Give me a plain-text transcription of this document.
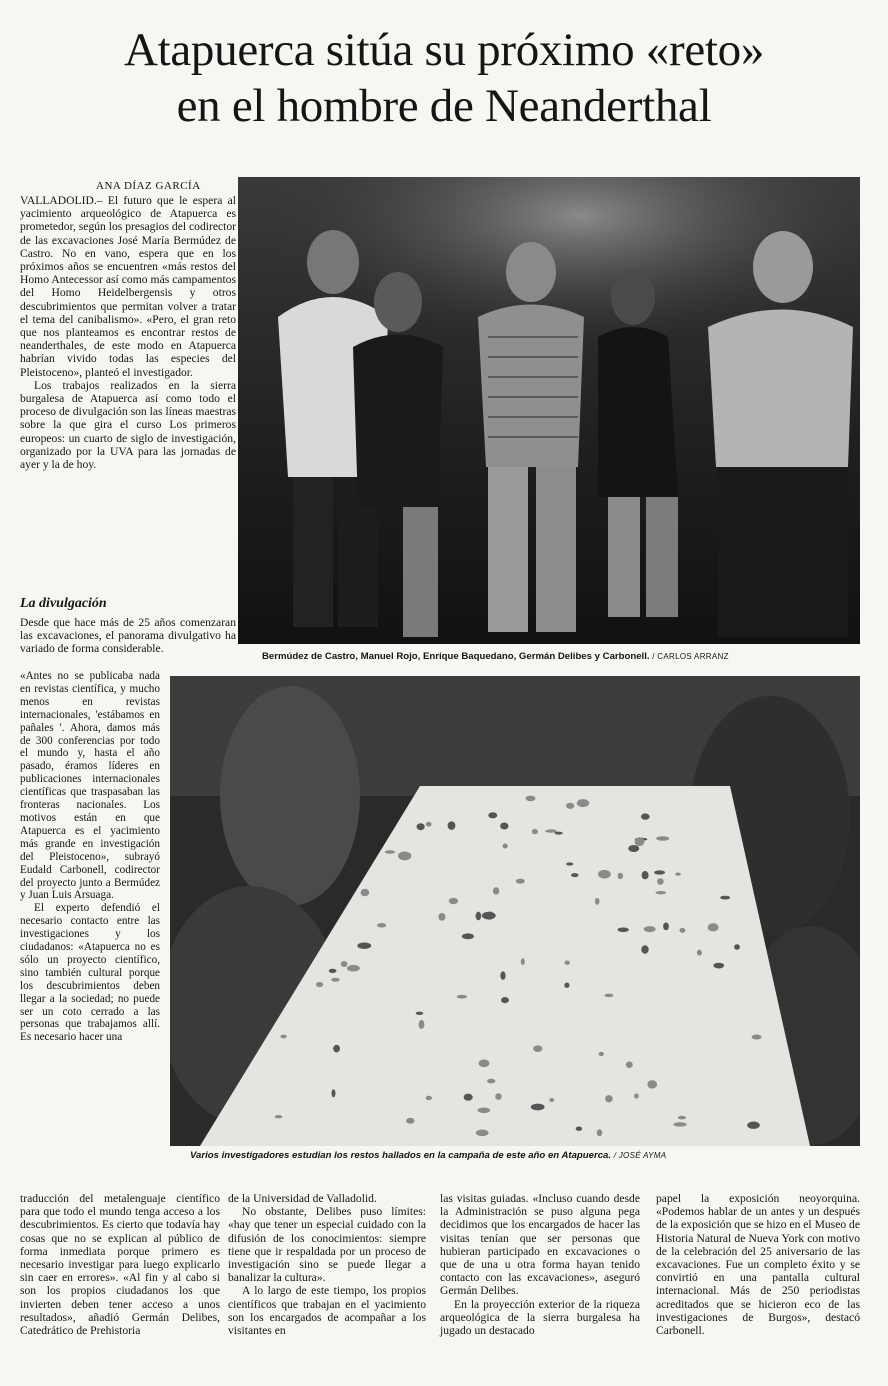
Atapuerca sitúa su próximo «reto»
en el hombre de Neanderthal
ANA DÍAZ GARCÍA

VALLADOLID.– El futuro que le espera al yacimiento arqueológico de Atapuerca es prometedor, según los presagios del codirector de las excavaciones José María Bermúdez de Castro. No en vano, espera que en los próximos años se encuentren «más restos del Homo Antecessor así como más campamentos del Homo Heidelbergensis y otros descubrimientos que permitan volver a tratar el tema del canibalismo». «Pero, el gran reto que nos planteamos es encontrar restos de neanderthales, de este modo en Atapuerca habrían vivido todas las especies del Pleistoceno», planteó el investigador.

Los trabajos realizados en la sierra burgalesa de Atapuerca así como todo el proceso de divulgación son las líneas maestras sobre la que gira el curso Los primeros europeos: un cuarto de siglo de investigación, organizado por la UVA para las jornadas de ayer y la de hoy.

La divulgación

Desde que hace más de 25 años comenzaran las excavaciones, el panorama divulgativo ha variado de forma considerable.

«Antes no se publicaba nada en revistas científica, y mucho menos en revistas internacionales, 'estábamos en pañales '. Ahora, damos más de 300 conferencias por todo el mundo y, hasta el año pasado, éramos líderes en publicaciones internacionales científicas que traspasaban las fronteras nacionales. Los motivos están en que Atapuerca es el yacimiento más grande en investigación del Pleistoceno», subrayó Eudald Carbonell, codirector del proyecto junto a Bermúdez y Juan Luis Arsuaga.

El experto defendió el necesario contacto entre las investigaciones y los ciudadanos: «Atapuerca no es sólo un proyecto científico, sino también cultural porque los descubrimientos deben llegar a la sociedad; no puede ser un coto cerrado a las personas que trabajamos allí. Es necesario hacer una

traducción del metalenguaje científico para que todo el mundo tenga acceso a los descubrimientos. Es cierto que todavía hay cosas que no se explican al público de forma inmediata porque primero es necesario investigar para luego explicarlo sin caer en errores». «Al fin y al cabo si son los propios ciudadanos los que invierten deben tener acceso a unos resultados», añadió Germán Delibes, Catedrático de Prehistoria

de la Universidad de Valladolid.

No obstante, Delibes puso límites: «hay que tener un especial cuidado con la difusión de los conocimientos: siempre tiene que ir respaldada por un proceso de investigación sino se puede llegar a banalizar la cultura».

A lo largo de este tiempo, los propios científicos que trabajan en el yacimiento son los encargados de acompañar a los visitantes en

las visitas guiadas. «Incluso cuando desde la Administración se puso alguna pega decidimos que los encargados de hacer las visitas tenían que ser personas que hubieran participado en excavaciones o que de una u otra forma hayan tenido contacto con las excavaciones», aseguró Germán Delibes.

En la proyección exterior de la riqueza arqueológica de la sierra burgalesa ha jugado un destacado

papel la exposición neoyorquina. «Podemos hablar de un antes y un después de la exposición que se hizo en el Museo de Historia Natural de Nueva York con motivo de la celebración del 25 aniversario de las excavaciones. Fue un completo éxito y se convirtió en una pantalla cultural internacional. Más de 250 periodistas acreditados que se hicieron eco de las investigaciones de Burgos», destacó Carbonell.

Bermúdez de Castro, Manuel Rojo, Enrique Baquedano, Germán Delibes y Carbonell. / CARLOS ARRANZ
Varios investigadores estudian los restos hallados en la campaña de este año en Atapuerca. / JOSÉ AYMA
